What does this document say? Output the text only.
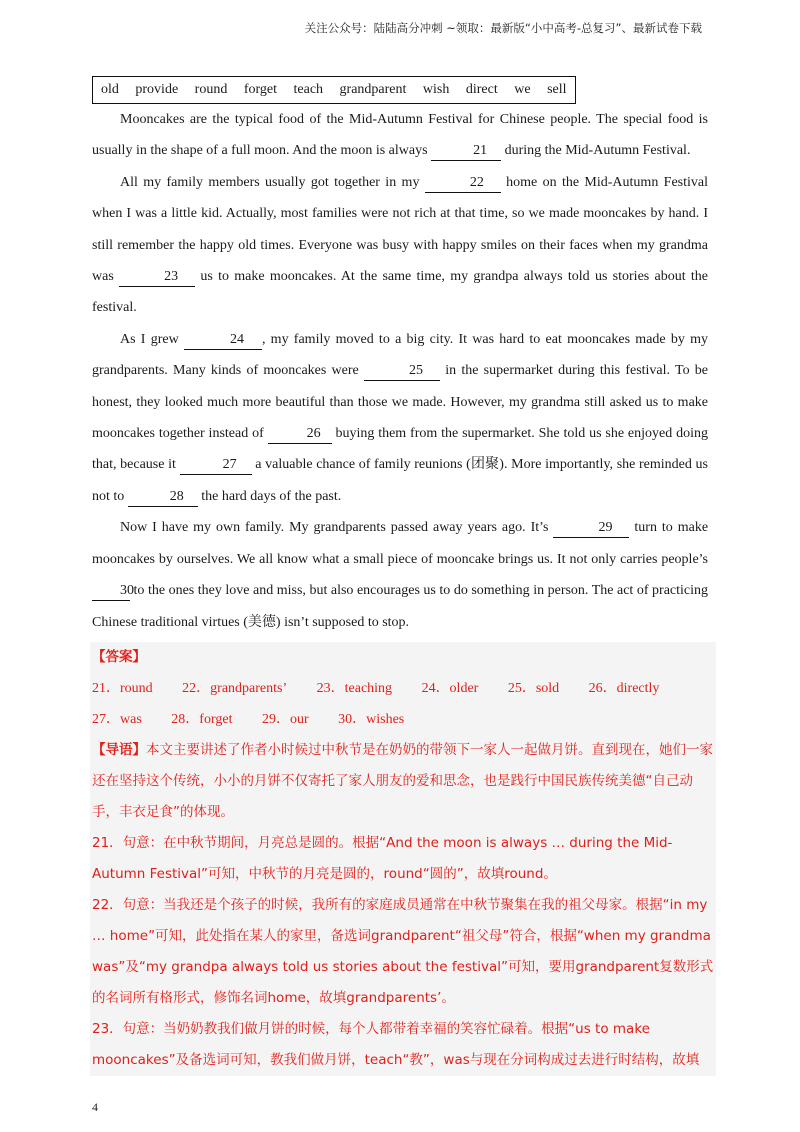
关注公众号：陆陆高分冲刺 ~领取：最新版“小中高考-总复习”、最新试卷下载
old provide round forget teach grandparent wish direct we sell

Mooncakes are the typical food of the Mid-Autumn Festival for Chinese people. The special food is usually in the shape of a full moon. And the moon is always	21 during the Mid-Autumn Festival.

All my family members usually got together in my	22 home on the Mid-Autumn Festival when I was a little kid. Actually, most families were not rich at that time, so we made mooncakes by hand. I still remember the happy old times. Everyone was busy with happy smiles on their faces when my grandma was	23 us to make mooncakes. At the same time, my grandpa always told us stories about the festival.

As I grew	24 , my family moved to a big city. It was hard to eat mooncakes made by my grandparents. Many kinds of mooncakes were	25 in the supermarket during this festival. To be honest, they looked much more beautiful than those we made. However, my grandma still asked us to make mooncakes together instead of	26 buying them from the supermarket. She told us she enjoyed doing that, because it	27 a valuable chance of family reunions (团聚). More importantly, she reminded us not to	28 the hard days of the past.

Now I have my own family. My grandparents passed away years ago. It’s	29 turn to make mooncakes by ourselves. We all know what a small piece of mooncake brings us. It not only carries people’s 30 to the ones they love and miss, but also encourages us to do something in person. The act of practicing Chinese traditional virtues (美德) isn’t supposed to stop.

【答案】

21．round 22．grandparents’ 23．teaching 24．older 25．sold 26．directly
27．was 28．forget 29．our 30．wishes

【导语】本文主要讲述了作者小时候过中秋节是在奶奶的带领下一家人一起做月饼。直到现在，她们一家还在坚持这个传统，小小的月饼不仅寄托了家人朋友的爱和思念，也是践行中国民族传统美德“自己动手，丰衣足食”的体现。

21．句意：在中秋节期间，月亮总是圆的。根据“And the moon is always … during the Mid-Autumn Festival”可知，中秋节的月亮是圆的，round“圆的”，故填round。

22．句意：当我还是个孩子的时候，我所有的家庭成员通常在中秋节聚集在我的祖父母家。根据“in my … home”可知，此处指在某人的家里，备选词grandparent“祖父母”符合，根据“when my grandma was”及“my grandpa always told us stories about the festival”可知，要用grandparent复数形式的名词所有格形式，修饰名词home，故填grandparents’。

23．句意：当奶奶教我们做月饼的时候，每个人都带着幸福的笑容忙碌着。根据“us to make mooncakes”及备选词可知，教我们做月饼，teach“教”，was与现在分词构成过去进行时结构，故填

4
